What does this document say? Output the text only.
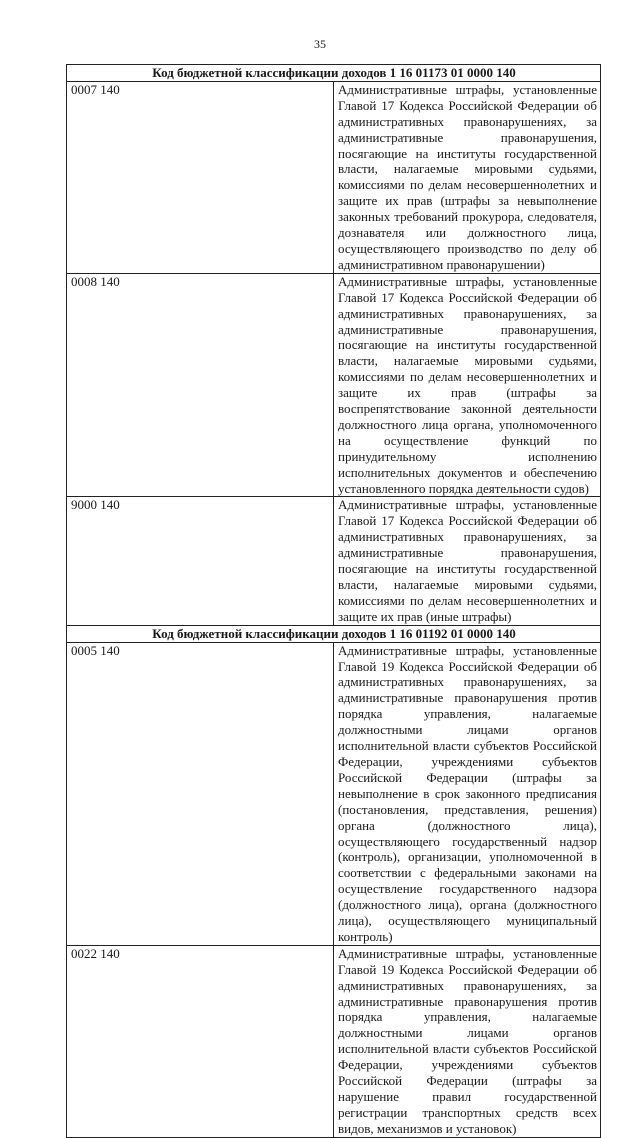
35
Код бюджетной классификации доходов 1 16 01173 01 0000 140	
0007 140	Административные штрафы, установленные Главой 17 Кодекса Российской Федерации об административных правонарушениях, за административные правонарушения, посягающие на институты государственной власти, налагаемые мировыми судьями, комиссиями по делам несовершеннолетних и защите их прав (штрафы за невыполнение законных требований прокурора, следователя, дознавателя или должностного лица, осуществляющего производство по делу об административном правонарушении)
0008 140	Административные штрафы, установленные Главой 17 Кодекса Российской Федерации об административных правонарушениях, за административные правонарушения, посягающие на институты государственной власти, налагаемые мировыми судьями, комиссиями по делам несовершеннолетних и защите их прав (штрафы за воспрепятствование законной деятельности должностного лица органа, уполномоченного на осуществление функций по принудительному исполнению исполнительных документов и обеспечению установленного порядка деятельности судов)
9000 140	Административные штрафы, установленные Главой 17 Кодекса Российской Федерации об административных правонарушениях, за административные правонарушения, посягающие на институты государственной власти, налагаемые мировыми судьями, комиссиями по делам несовершеннолетних и защите их прав (иные штрафы)
Код бюджетной классификации доходов 1 16 01192 01 0000 140	
0005 140	Административные штрафы, установленные Главой 19 Кодекса Российской Федерации об административных правонарушениях, за административные правонарушения против порядка управления, налагаемые должностными лицами органов исполнительной власти субъектов Российской Федерации, учреждениями субъектов Российской Федерации (штрафы за невыполнение в срок законного предписания (постановления, представления, решения) органа (должностного лица), осуществляющего государственный надзор (контроль), организации, уполномоченной в соответствии с федеральными законами на осуществление государственного надзора (должностного лица), органа (должностного лица), осуществляющего муниципальный контроль)
0022 140	Административные штрафы, установленные Главой 19 Кодекса Российской Федерации об административных правонарушениях, за административные правонарушения против порядка управления, налагаемые должностными лицами органов исполнительной власти субъектов Российской Федерации, учреждениями субъектов Российской Федерации (штрафы за нарушение правил государственной регистрации транспортных средств всех видов, механизмов и установок)
